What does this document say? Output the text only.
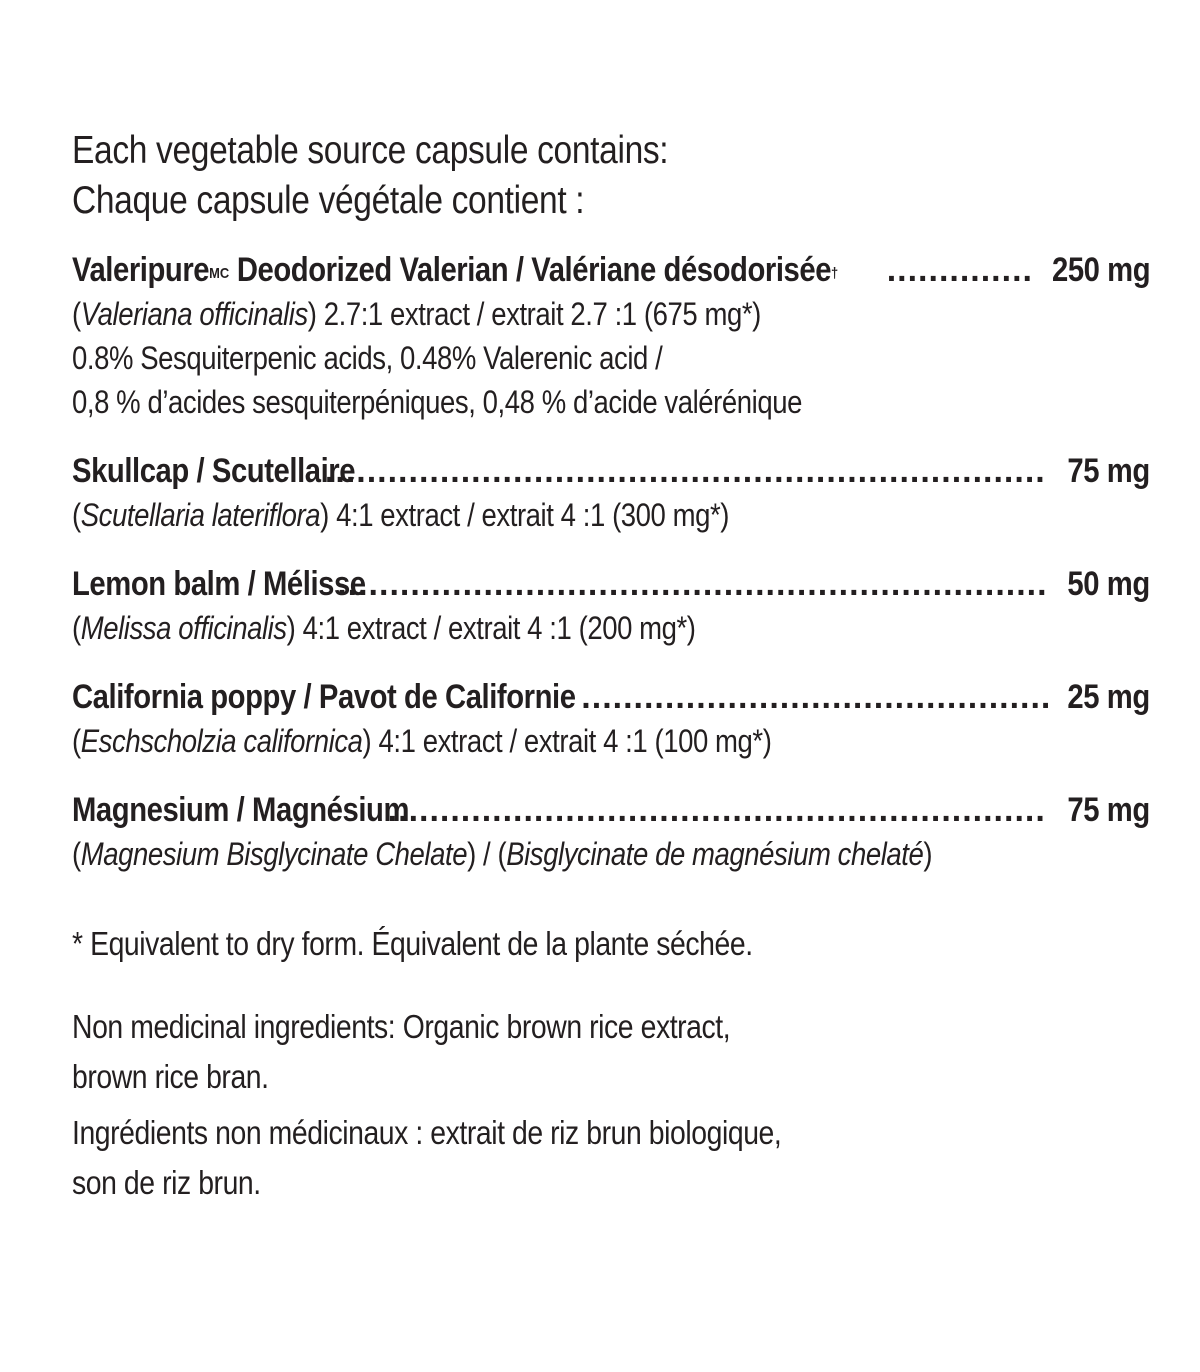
Each vegetable source capsule contains:
Chaque capsule végétale contient :
Valeripure$^{MC}$ Deodorized Valerian / Valériane désodorisée† .....	250 mg
(Valeriana officinalis) 2.7:1 extract / extrait 2.7 :1 (675 mg*)
0.8% Sesquiterpenic acids, 0.48% Valerenic acid /
0,8 % d’acides sesquiterpéniques, 0,48 % d’acide valérénique
Skullcap / Scutellaire .....	75 mg
(Scutellaria lateriflora) 4:1 extract / extrait 4 :1 (300 mg*)
Lemon balm / Mélisse .....	50 mg
(Melissa officinalis) 4:1 extract / extrait 4 :1 (200 mg*)
California poppy / Pavot de Californie .....	25 mg
(Eschscholzia californica) 4:1 extract / extrait 4 :1 (100 mg*)
Magnesium / Magnésium .....	75 mg
(Magnesium Bisglycinate Chelate) / (Bisglycinate de magnésium chelaté)
* Equivalent to dry form. Équivalent de la plante séchée.
Non medicinal ingredients: Organic brown rice extract,
brown rice bran.
Ingrédients non médicinaux : extrait de riz brun biologique,
son de riz brun.
